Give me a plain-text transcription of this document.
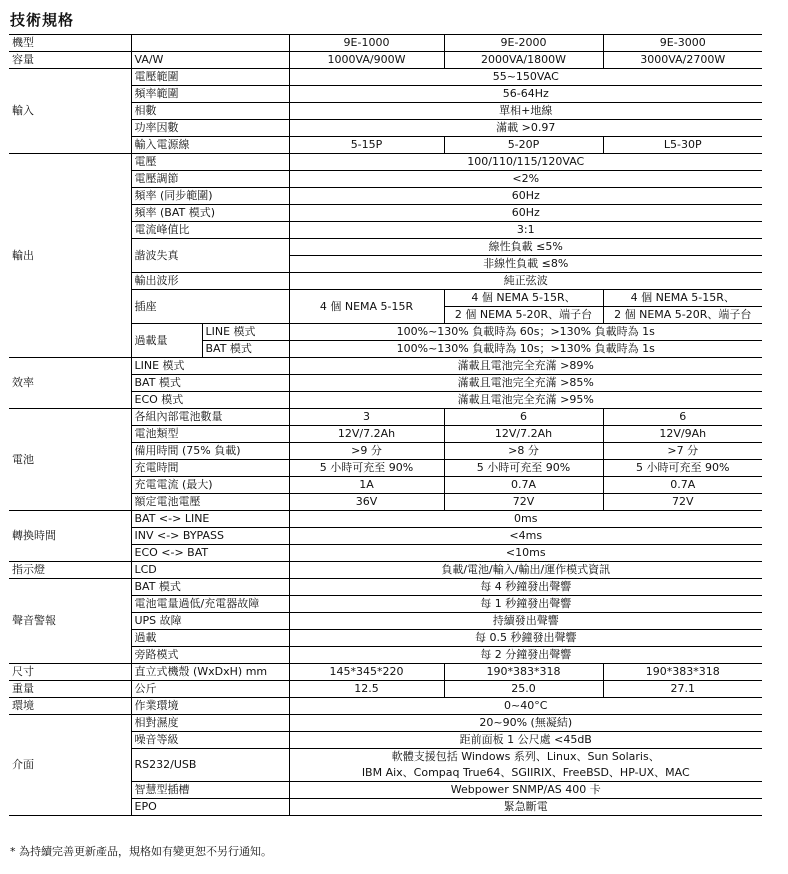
技術規格
機型			9E-1000	9E-2000	9E-3000
容量	VA/W		1000VA/900W	2000VA/1800W	3000VA/2700W
輸入	電壓範圍		55~150VAC		
	頻率範圍		56-64Hz		
	相數		單相+地線		
	功率因數		滿載 >0.97		
	輸入電源線		5-15P	5-20P	L5-30P
輸出	電壓		100/110/115/120VAC		
	電壓調節		<2%		
	頻率 (同步範圍)		60Hz		
	頻率 (BAT 模式)		60Hz		
	電流峰值比		3:1		
	諧波失真		線性負載 ≤5%		
			非線性負載 ≤8%		
	輸出波形		純正弦波		
	插座		4 個 NEMA 5-15R	4 個 NEMA 5-15R、	4 個 NEMA 5-15R、
				2 個 NEMA 5-20R、端子台	2 個 NEMA 5-20R、端子台
	過載量	LINE 模式	100%~130% 負載時為 60s；>130% 負載時為 1s		
		BAT 模式	100%~130% 負載時為 10s；>130% 負載時為 1s		
效率	LINE 模式		滿載且電池完全充滿 >89%		
	BAT 模式		滿載且電池完全充滿 >85%		
	ECO 模式		滿載且電池完全充滿 >95%		
電池	各組內部電池數量		3	6	6
	電池類型		12V/7.2Ah	12V/7.2Ah	12V/9Ah
	備用時間 (75% 負載)		>9 分	>8 分	>7 分
	充電時間		5 小時可充至 90%	5 小時可充至 90%	5 小時可充至 90%
	充電電流 (最大)		1A	0.7A	0.7A
	額定電池電壓		36V	72V	72V
轉換時間	BAT <-> LINE		0ms		
	INV <-> BYPASS		<4ms		
	ECO <-> BAT		<10ms		
指示燈	LCD		負載/電池/輸入/輸出/運作模式資訊		
聲音警報	BAT 模式		每 4 秒鐘發出聲響		
	電池電量過低/充電器故障		每 1 秒鐘發出聲響		
	UPS 故障		持續發出聲響		
	過載		每 0.5 秒鐘發出聲響		
	旁路模式		每 2 分鐘發出聲響		
尺寸	直立式機殼 (WxDxH) mm		145*345*220	190*383*318	190*383*318
重量	公斤		12.5	25.0	27.1
環境	作業環境		0~40°C		
介面	相對濕度		20~90% (無凝結)		
	噪音等級		距前面板 1 公尺處 <45dB		
	RS232/USB		軟體支援包括 Windows 系列、Linux、Sun Solaris、		
			IBM Aix、Compaq True64、SGIIRIX、FreeBSD、HP-UX、MAC		
	智慧型插槽		Webpower SNMP/AS 400 卡		
	EPO		緊急斷電		
* 為持續完善更新產品，規格如有變更恕不另行通知。
